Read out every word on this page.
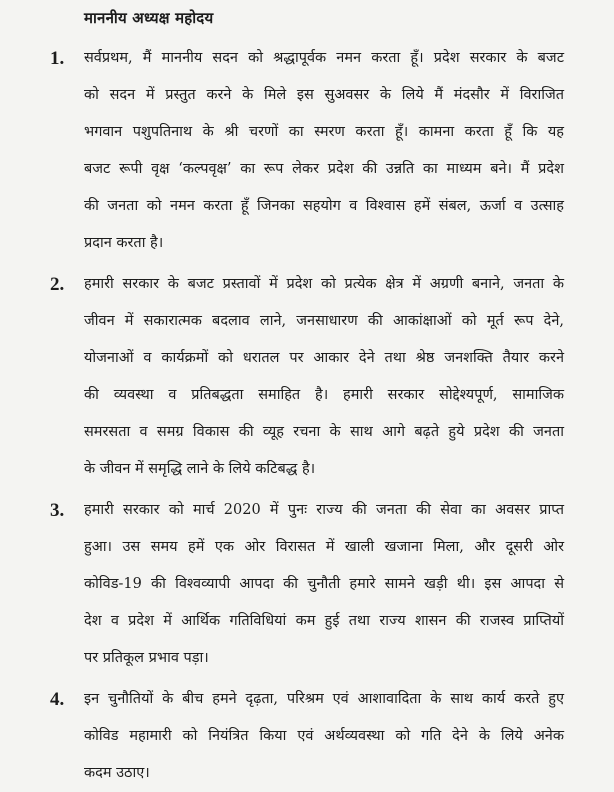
माननीय अध्यक्ष महोदय
1. सर्वप्रथम, मैं माननीय सदन को श्रद्धापूर्वक नमन करता हूँ। प्रदेश सरकार के बजट
को सदन में प्रस्तुत करने के मिले इस सुअवसर के लिये मैं मंदसौर में विराजित
भगवान पशुपतिनाथ के श्री चरणों का स्मरण करता हूँ। कामना करता हूँ कि यह
बजट रूपी वृक्ष ‘कल्पवृक्ष’ का रूप लेकर प्रदेश की उन्नति का माध्यम बने। मैं प्रदेश
की जनता को नमन करता हूँ जिनका सहयोग व विश्वास हमें संबल, ऊर्जा व उत्साह
प्रदान करता है।
2. हमारी सरकार के बजट प्रस्तावों में प्रदेश को प्रत्येक क्षेत्र में अग्रणी बनाने, जनता के
जीवन में सकारात्मक बदलाव लाने, जनसाधारण की आकांक्षाओं को मूर्त रूप देने,
योजनाओं व कार्यक्रमों को धरातल पर आकार देने तथा श्रेष्ठ जनशक्ति तैयार करने
की व्यवस्था व प्रतिबद्धता समाहित है। हमारी सरकार सोद्देश्यपूर्ण, सामाजिक
समरसता व समग्र विकास की व्यूह रचना के साथ आगे बढ़ते हुये प्रदेश की जनता
के जीवन में समृद्धि लाने के लिये कटिबद्ध है।
3. हमारी सरकार को मार्च 2020 में पुनः राज्य की जनता की सेवा का अवसर प्राप्त
हुआ। उस समय हमें एक ओर विरासत में खाली खजाना मिला, और दूसरी ओर
कोविड-19 की विश्वव्यापी आपदा की चुनौती हमारे सामने खड़ी थी। इस आपदा से
देश व प्रदेश में आर्थिक गतिविधियां कम हुई तथा राज्य शासन की राजस्व प्राप्तियों
पर प्रतिकूल प्रभाव पड़ा।
4. इन चुनौतियों के बीच हमने दृढ़ता, परिश्रम एवं आशावादिता के साथ कार्य करते हुए
कोविड महामारी को नियंत्रित किया एवं अर्थव्यवस्था को गति देने के लिये अनेक
कदम उठाए।
